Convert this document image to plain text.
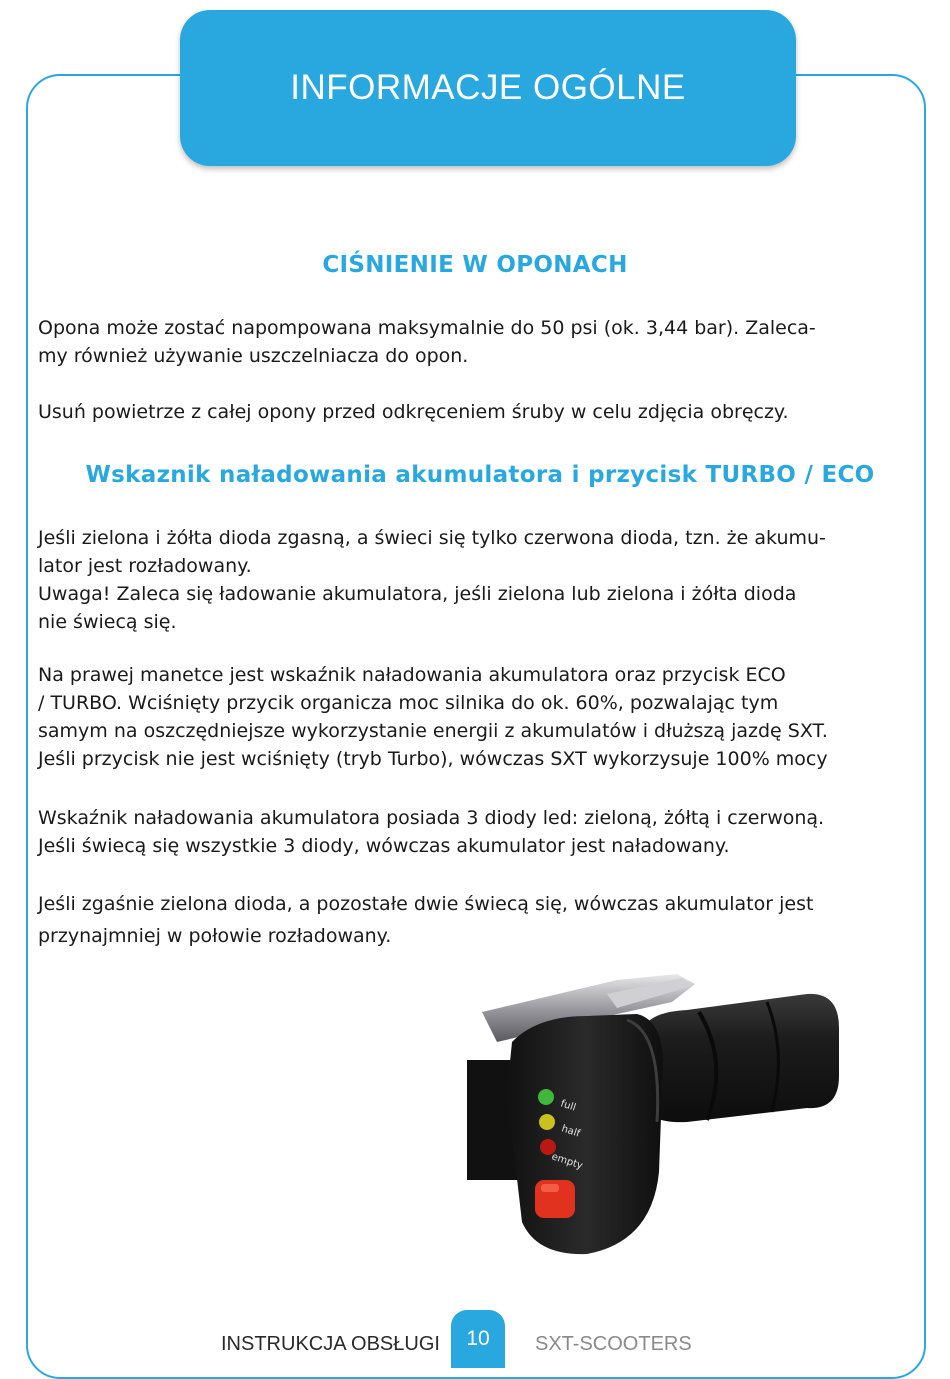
INFORMACJE OGÓLNE
CIŚNIENIE W OPONACH
Opona może zostać napompowana maksymalnie do 50 psi (ok. 3,44 bar). Zaleca-
my również używanie uszczelniacza do opon.
Usuń powietrze z całej opony przed odkręceniem śruby w celu zdjęcia obręczy.
Wskaznik naładowania akumulatora i przycisk TURBO / ECO
Jeśli zielona i żółta dioda zgasną, a świeci się tylko czerwona dioda, tzn. że akumu-
lator jest rozładowany.
Uwaga! Zaleca się ładowanie akumulatora, jeśli zielona lub zielona i żółta dioda
nie świecą się.
Na prawej manetce jest wskaźnik naładowania akumulatora oraz przycisk ECO
/ TURBO. Wciśnięty przycik organicza moc silnika do ok. 60%, pozwalając tym
samym na oszczędniejsze wykorzystanie energii z akumulatów i dłuższą jazdę SXT.
Jeśli przycisk nie jest wciśnięty (tryb Turbo), wówczas SXT wykorzysuje 100% mocy
Wskaźnik naładowania akumulatora posiada 3 diody led: zieloną, żółtą i czerwoną.
Jeśli świecą się wszystkie 3 diody, wówczas akumulator jest naładowany.
Jeśli zgaśnie zielona dioda, a pozostałe dwie świecą się, wówczas akumulator jest
przynajmniej w połowie rozładowany.
full
half
empty
INSTRUKCJA OBSŁUGI 10 SXT-SCOOTERS
